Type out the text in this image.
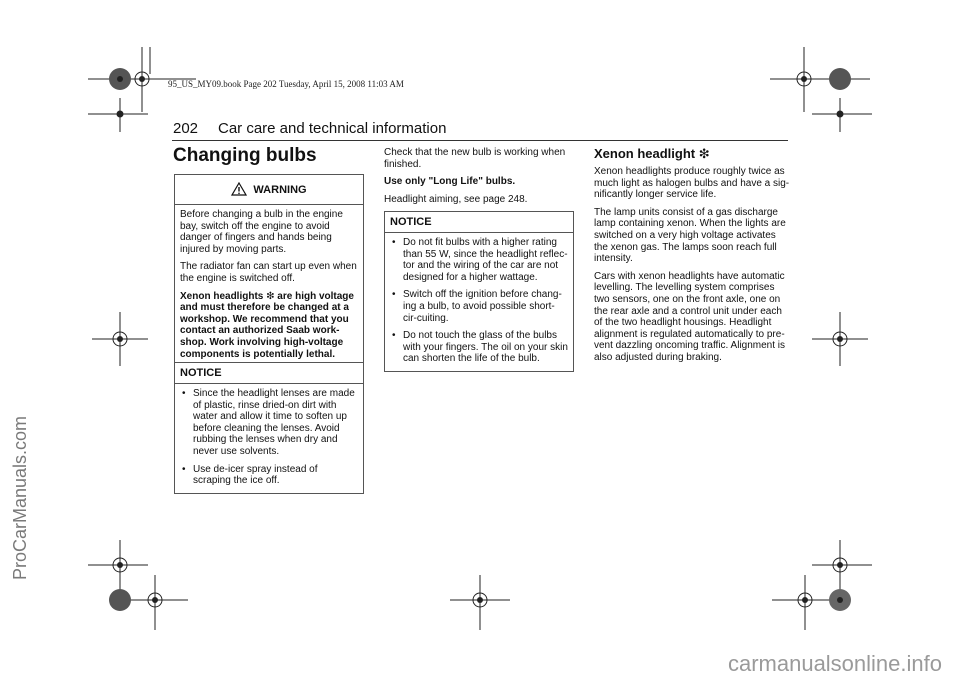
95_US_MY09.book Page 202 Tuesday, April 15, 2008 11:03 AM
202 Car care and technical information
ProCarManuals.com
carmanualsonline.info
Changing bulbs
WARNING

Before changing a bulb in the engine bay, switch off the engine to avoid danger of fingers and hands being injured by moving parts.

The radiator fan can start up even when the engine is switched off.

Xenon headlights ❇ are high voltage and must therefore be changed at a workshop. We recommend that you contact an authorized Saab work-shop. Work involving high-voltage components is potentially lethal.

NOTICE
• Since the headlight lenses are made of plastic, rinse dried-on dirt with water and allow it time to soften up before cleaning the lenses. Avoid rubbing the lenses when dry and never use solvents.
• Use de-icer spray instead of scraping the ice off.

Check that the new bulb is working when finished.

Use only "Long Life" bulbs.

Headlight aiming, see page 248.

NOTICE
• Do not fit bulbs with a higher rating than 55 W, since the headlight reflec-tor and the wiring of the car are not designed for a higher wattage.
• Switch off the ignition before chang-ing a bulb, to avoid possible short-cir-cuiting.
• Do not touch the glass of the bulbs with your fingers. The oil on your skin can shorten the life of the bulb.
Xenon headlight ❇

Xenon headlights produce roughly twice as much light as halogen bulbs and have a sig-nificantly longer service life.

The lamp units consist of a gas discharge lamp containing xenon. When the lights are switched on a very high voltage activates the xenon gas. The lamps soon reach full intensity.

Cars with xenon headlights have automatic levelling. The levelling system comprises two sensors, one on the front axle, one on the rear axle and a control unit under each of the two headlight housings. Headlight alignment is regulated automatically to pre-vent dazzling oncoming traffic. Alignment is also adjusted during braking.
